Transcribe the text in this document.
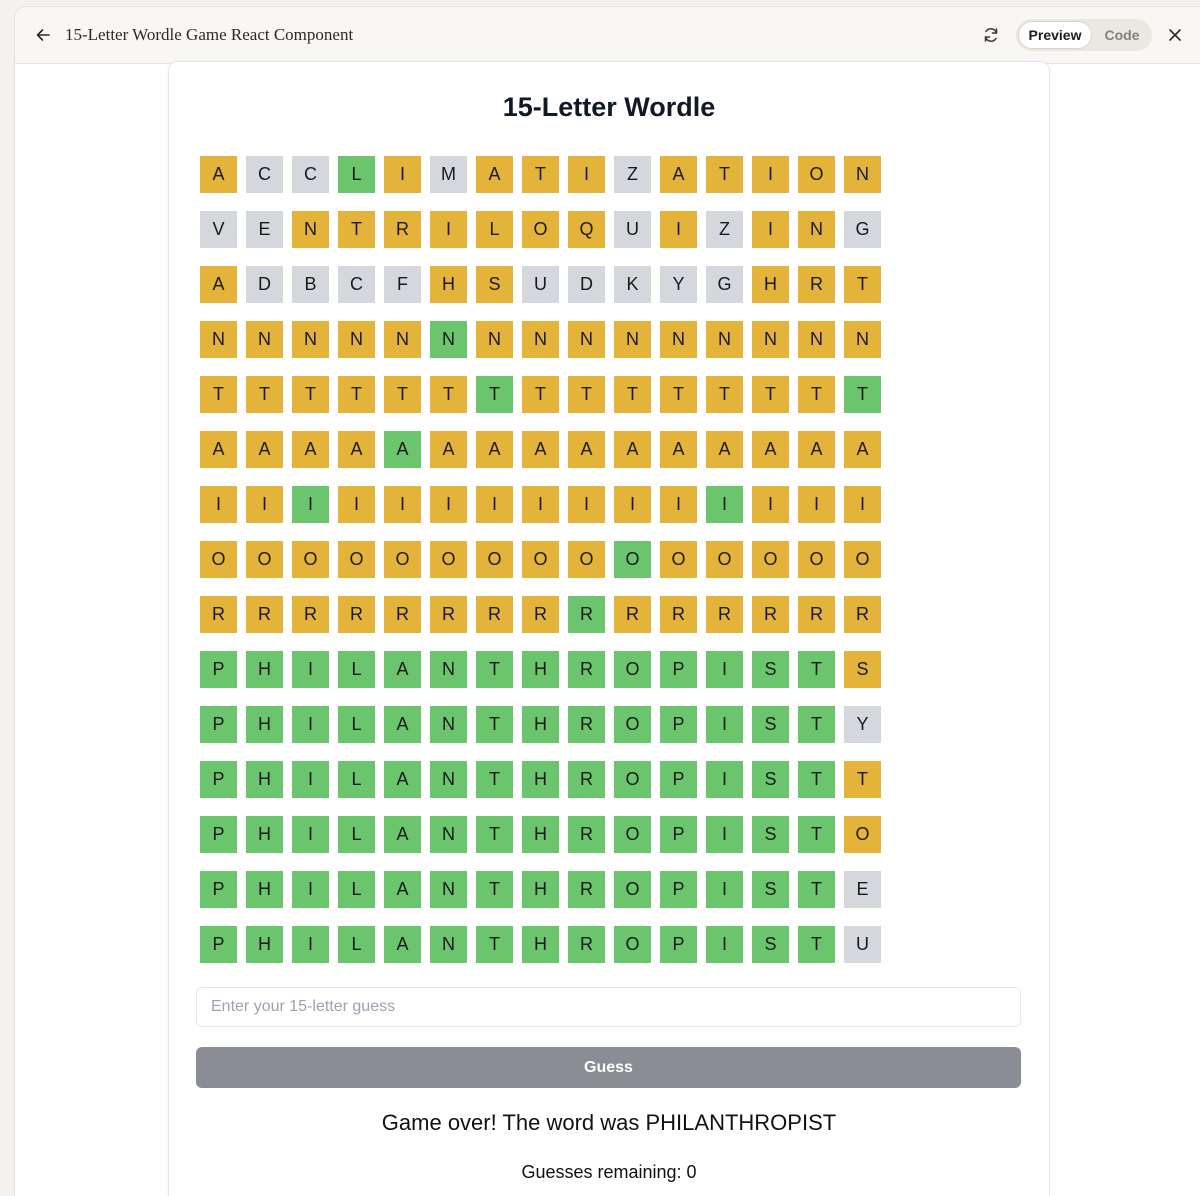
15-Letter Wordle Game React Component	Preview	Code
15-Letter Wordle
A	C	C	L	I	M	A	T	I	Z	A	T	I	O	N
V	E	N	T	R	I	L	O	Q	U	I	Z	I	N	G
A	D	B	C	F	H	S	U	D	K	Y	G	H	R	T
N	N	N	N	N	N	N	N	N	N	N	N	N	N	N
T	T	T	T	T	T	T	T	T	T	T	T	T	T	T
A	A	A	A	A	A	A	A	A	A	A	A	A	A	A
I	I	I	I	I	I	I	I	I	I	I	I	I	I	I
O	O	O	O	O	O	O	O	O	O	O	O	O	O	O
R	R	R	R	R	R	R	R	R	R	R	R	R	R	R
P	H	I	L	A	N	T	H	R	O	P	I	S	T	S
P	H	I	L	A	N	T	H	R	O	P	I	S	T	Y
P	H	I	L	A	N	T	H	R	O	P	I	S	T	T
P	H	I	L	A	N	T	H	R	O	P	I	S	T	O
P	H	I	L	A	N	T	H	R	O	P	I	S	T	E
P	H	I	L	A	N	T	H	R	O	P	I	S	T	U
Enter your 15-letter guess
Guess
Game over! The word was PHILANTHROPIST
Guesses remaining: 0
